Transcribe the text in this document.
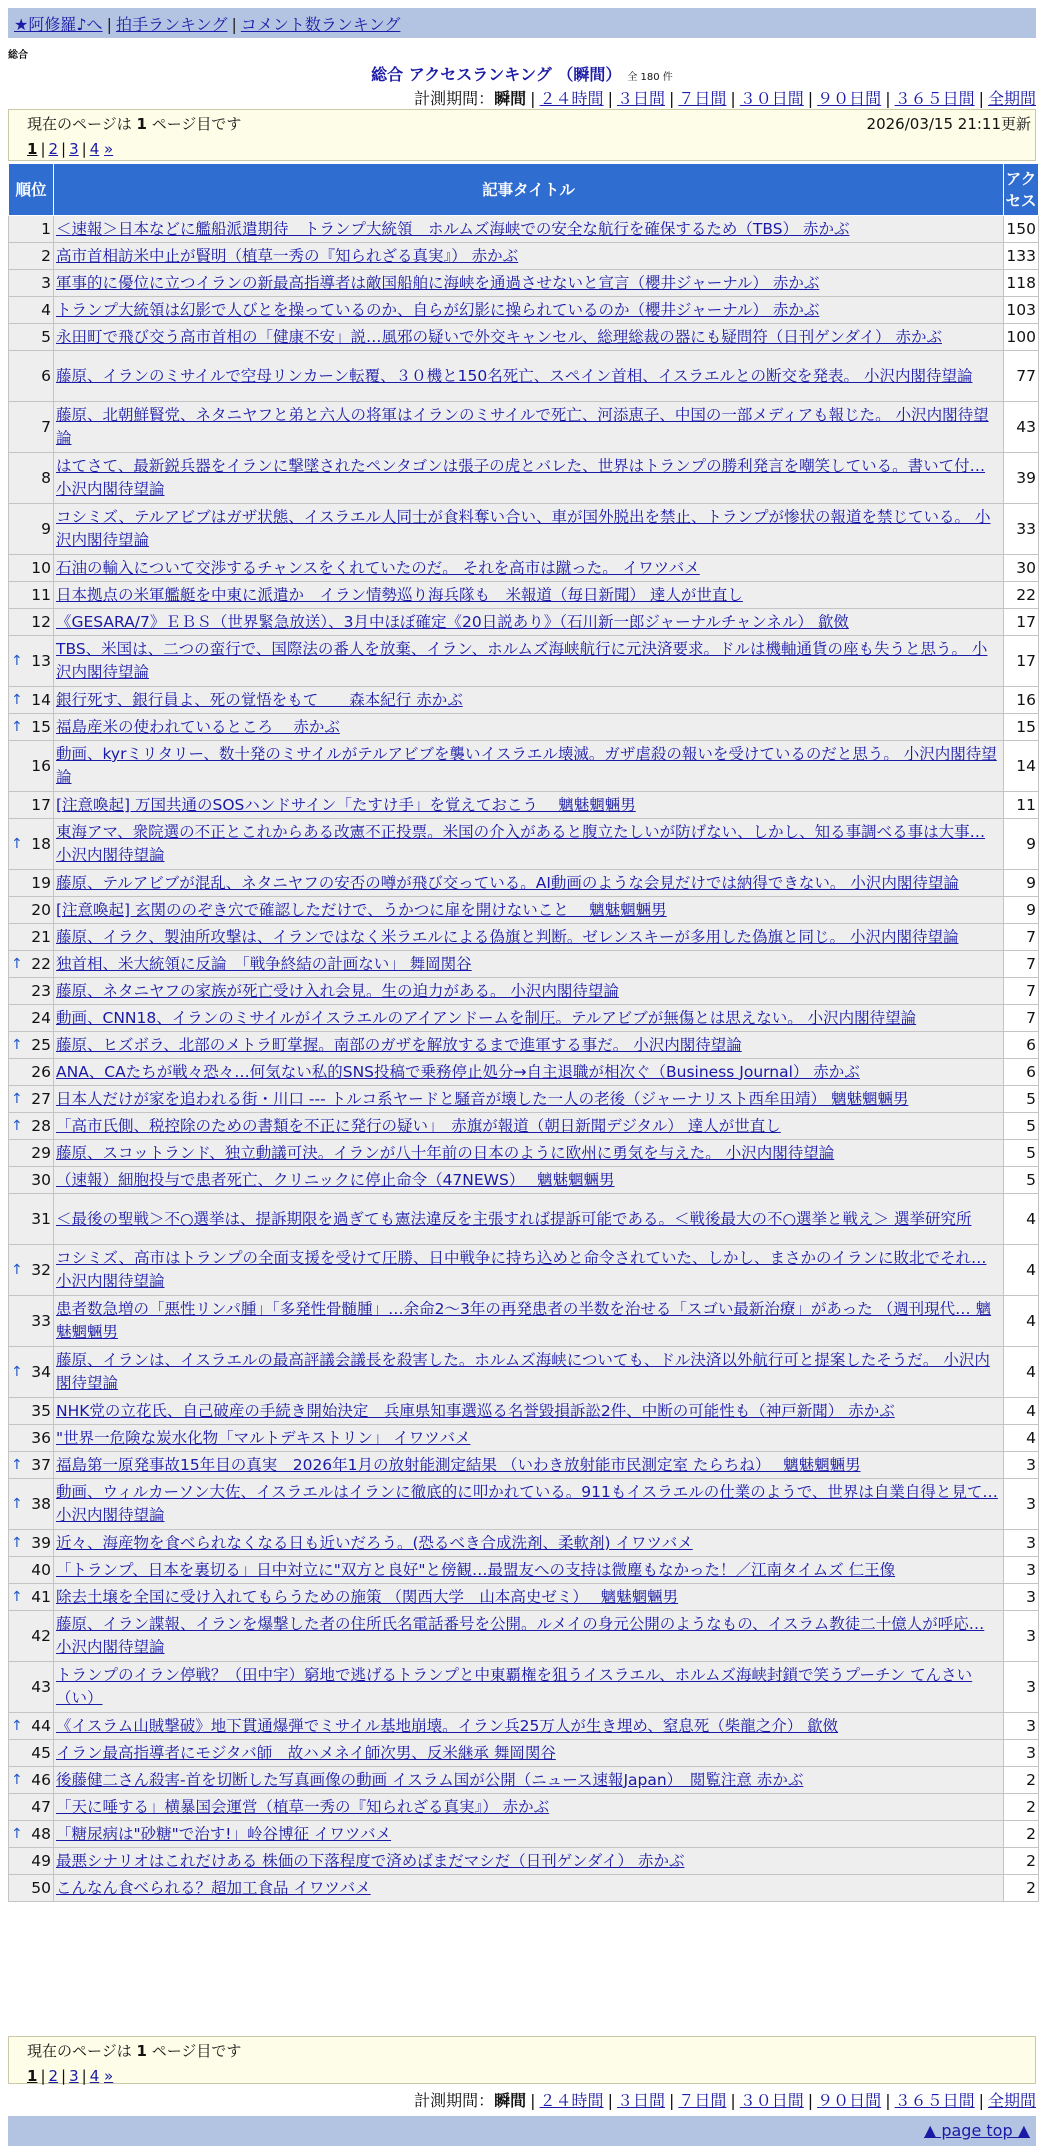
★阿修羅♪へ | 拍手ランキング | コメント数ランキング
総合
総合 アクセスランキング （瞬間） 全 180 件
計測期間：瞬間 | ２４時間 | ３日間 | ７日間 | ３０日間 | ９０日間 | ３６５日間 | 全期間
現在のページは 1 ページ目です	2026/03/15 21:11更新
1 | 2 | 3 | 4 »
順位	記事タイトル	アクセス
1	＜速報＞日本などに艦船派遣期待　トランプ大統領　ホルムズ海峡での安全な航行を確保するため（TBS） 赤かぶ	150
2	高市首相訪米中止が賢明（植草一秀の『知られざる真実』） 赤かぶ	133
3	軍事的に優位に立つイランの新最高指導者は敵国船舶に海峡を通過させないと宣言（櫻井ジャーナル） 赤かぶ	118
4	トランプ大統領は幻影で人びとを操っているのか、自らが幻影に操られているのか（櫻井ジャーナル） 赤かぶ	103
5	永田町で飛び交う高市首相の「健康不安」説…風邪の疑いで外交キャンセル、総理総裁の器にも疑問符（日刊ゲンダイ） 赤かぶ	100
6	藤原、イランのミサイルで空母リンカーン転覆、３０機と150名死亡、スペイン首相、イスラエルとの断交を発表。 小沢内閣待望論	77
7	藤原、北朝鮮賢党、ネタニヤフと弟と六人の将軍はイランのミサイルで死亡、河添恵子、中国の一部メディアも報じた。 小沢内閣待望論	43
8	はてさて、最新鋭兵器をイランに撃墜されたペンタゴンは張子の虎とバレた、世界はトランプの勝利発言を嘲笑している。書いて付… 小沢内閣待望論	39
9	コシミズ、テルアビブはガザ状態、イスラエル人同士が食料奪い合い、車が国外脱出を禁止、トランプが惨状の報道を禁じている。 小沢内閣待望論	33
10	石油の輸入について交渉するチャンスをくれていたのだ。 それを高市は蹴った。 イワツバメ	30
11	日本拠点の米軍艦艇を中東に派遣か　イラン情勢巡り海兵隊も　米報道（毎日新聞） 達人が世直し	22
12	《GESARA/7》ＥＢＳ（世界緊急放送）、3月中ほぼ確定《20日説あり》（石川新一郎ジャーナルチャンネル） 歙傚	17

↑ 13	TBS、米国は、二つの蛮行で、国際法の番人を放棄、イラン、ホルムズ海峡航行に元決済要求。ドルは機軸通貨の座も失うと思う。 小沢内閣待望論	17

↑ 14	銀行死す、銀行員よ、死の覚悟をもて　　森本紀行 赤かぶ	16

↑ 15	福島産米の使われているところ　 赤かぶ	15
16	動画、kyrミリタリー、数十発のミサイルがテルアビブを襲いイスラエル壊滅。ガザ虐殺の報いを受けているのだと思う。 小沢内閣待望論	14
17	[注意喚起] 万国共通のSOSハンドサイン「たすけ手」を覚えておこう　 魑魅魍魎男	11

↑ 18	東海アマ、衆院選の不正とこれからある改憲不正投票。米国の介入があると腹立たしいが防げない、しかし、知る事調べる事は大事… 小沢内閣待望論	9
19	藤原、テルアビブが混乱、ネタニヤフの安否の噂が飛び交っている。AI動画のような会見だけでは納得できない。 小沢内閣待望論	9
20	[注意喚起] 玄関ののぞき穴で確認しただけで、うかつに扉を開けないこと　 魑魅魍魎男	9
21	藤原、イラク、製油所攻撃は、イランではなく米ラエルによる偽旗と判断。ゼレンスキーが多用した偽旗と同じ。 小沢内閣待望論	7

↑ 22	独首相、米大統領に反論　「戦争終結の計画ない」 舞岡関谷	7
23	藤原、ネタニヤフの家族が死亡受け入れ会見。生の迫力がある。 小沢内閣待望論	7
24	動画、CNN18、イランのミサイルがイスラエルのアイアンドームを制圧。テルアビブが無傷とは思えない。 小沢内閣待望論	7

↑ 25	藤原、ヒズボラ、北部のメトラ町掌握。南部のガザを解放するまで進軍する事だ。 小沢内閣待望論	6
26	ANA、CAたちが戦々恐々…何気ない私的SNS投稿で乗務停止処分→自主退職が相次ぐ（Business Journal） 赤かぶ	6

↑ 27	日本人だけが家を追われる街・川口 --- トルコ系ヤードと騒音が壊した一人の老後（ジャーナリスト西牟田靖） 魑魅魍魎男	5

↑ 28	「高市氏側、税控除のための書類を不正に発行の疑い」　赤旗が報道（朝日新聞デジタル） 達人が世直し	5
29	藤原、スコットランド、独立動議可決。イランが八十年前の日本のように欧州に勇気を与えた。 小沢内閣待望論	5
30	（速報）細胞投与で患者死亡、クリニックに停止命令（47NEWS）　 魑魅魍魎男	5
31	＜最後の聖戦＞不○選挙は、提訴期限を過ぎても憲法違反を主張すれば提訴可能である。＜戦後最大の不○選挙と戦え＞ 選挙研究所	4

↑ 32	コシミズ、高市はトランプの全面支援を受けて圧勝、日中戦争に持ち込めと命令されていた、しかし、まさかのイランに敗北でそれ… 小沢内閣待望論	4
33	患者数急増の「悪性リンパ腫」「多発性骨髄腫」…余命2～3年の再発患者の半数を治せる「スゴい最新治療」があった （週刊現代… 魑魅魍魎男	4

↑ 34	藤原、イランは、イスラエルの最高評議会議長を殺害した。ホルムズ海峡についても、ドル決済以外航行可と提案したそうだ。 小沢内閣待望論	4
35	NHK党の立花氏、自己破産の手続き開始決定　兵庫県知事選巡る名誉毀損訴訟2件、中断の可能性も（神戸新聞） 赤かぶ	4
36	"世界一危険な炭水化物「マルトデキストリン」 イワツバメ	4

↑ 37	福島第一原発事故15年目の真実　2026年1月の放射能測定結果 （いわき放射能市民測定室 たらちね）　 魑魅魍魎男	3

↑ 38	動画、ウィルカーソン大佐、イスラエルはイランに徹底的に叩かれている。911もイスラエルの仕業のようで、世界は自業自得と見て… 小沢内閣待望論	3

↑ 39	近々、海産物を食べられなくなる日も近いだろう。(恐るべき合成洗剤、柔軟剤) イワツバメ	3
40	「トランプ、日本を裏切る」日中対立に"双方と良好"と傍観…最盟友への支持は微塵もなかった！／江南タイムズ 仁王像	3

↑ 41	除去土壌を全国に受け入れてもらうための施策 （関西大学　山本高史ゼミ）　 魑魅魍魎男	3
42	藤原、イラン諜報、イランを爆撃した者の住所氏名電話番号を公開。ルメイの身元公開のようなもの、イスラム教徒二十億人が呼応… 小沢内閣待望論	3
43	トランプのイラン停戦？（田中宇）窮地で逃げるトランプと中東覇権を狙うイスラエル、ホルムズ海峡封鎖で笑うプーチン てんさい（い）	3

↑ 44	《イスラム山賊撃破》地下貫通爆弾でミサイル基地崩壊。イラン兵25万人が生き埋め、窒息死（柴龍之介） 歙傚	3
45	イラン最高指導者にモジタバ師　故ハメネイ師次男、反米継承 舞岡関谷	3

↑ 46	後藤健二さん殺害-首を切断した写真画像の動画 イスラム国が公開（ニュース速報Japan）　閲覧注意 赤かぶ	2
47	「天に唾する」横暴国会運営（植草一秀の『知られざる真実』） 赤かぶ	2

↑ 48	「糖尿病は"砂糖"で治す!」岭谷博征 イワツバメ	2
49	最悪シナリオはこれだけある 株価の下落程度で済めばまだマシだ（日刊ゲンダイ） 赤かぶ	2
50	こんなん食べられる？超加工食品 イワツバメ	2
現在のページは 1 ページ目です
1 | 2 | 3 | 4 »
計測期間：瞬間 | ２４時間 | ３日間 | ７日間 | ３０日間 | ９０日間 | ３６５日間 | 全期間
▲ page top ▲
